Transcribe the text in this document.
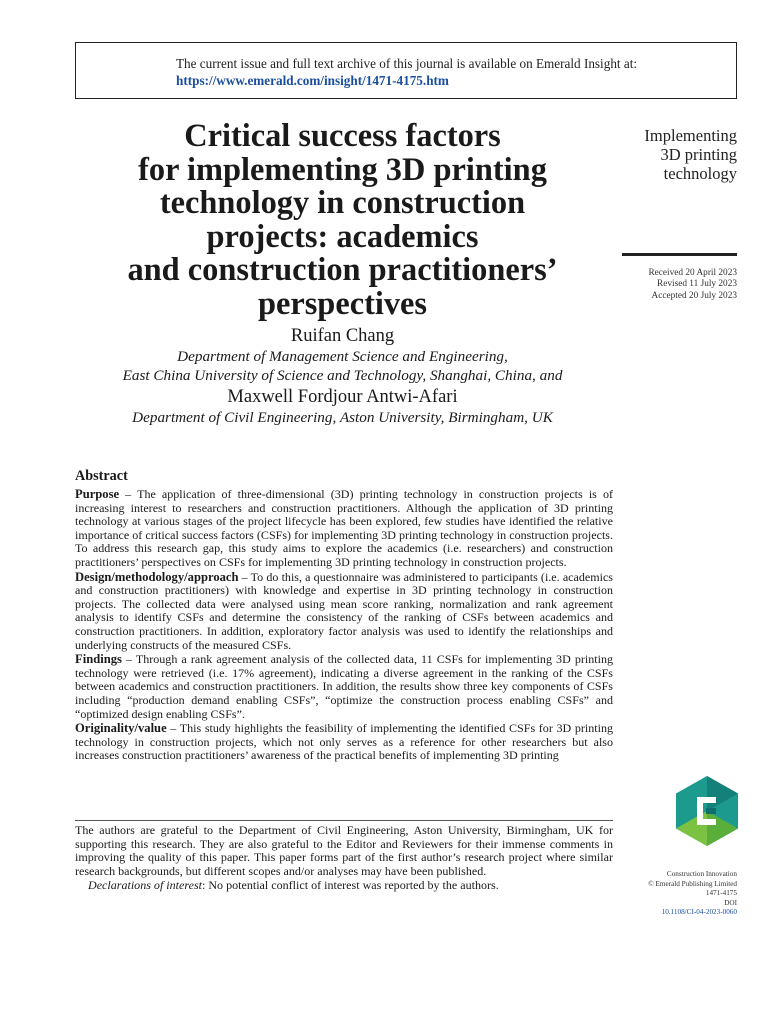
The current issue and full text archive of this journal is available on Emerald Insight at:
https://www.emerald.com/insight/1471-4175.htm
Critical success factors
for implementing 3D printing
technology in construction
projects: academics
and construction practitioners’
perspectives
Implementing
3D printing
technology
Received 20 April 2023
Revised 11 July 2023
Accepted 20 July 2023
Ruifan Chang
Department of Management Science and Engineering,
East China University of Science and Technology, Shanghai, China, and
Maxwell Fordjour Antwi-Afari
Department of Civil Engineering, Aston University, Birmingham, UK
Abstract

Purpose – The application of three-dimensional (3D) printing technology in construction projects is of increasing interest to researchers and construction practitioners. Although the application of 3D printing technology at various stages of the project lifecycle has been explored, few studies have identified the relative importance of critical success factors (CSFs) for implementing 3D printing technology in construction projects. To address this research gap, this study aims to explore the academics (i.e. researchers) and construction practitioners’ perspectives on CSFs for implementing 3D printing technology in construction projects.

Design/methodology/approach – To do this, a questionnaire was administered to participants (i.e. academics and construction practitioners) with knowledge and expertise in 3D printing technology in construction projects. The collected data were analysed using mean score ranking, normalization and rank agreement analysis to identify CSFs and determine the consistency of the ranking of CSFs between academics and construction practitioners. In addition, exploratory factor analysis was used to identify the relationships and underlying constructs of the measured CSFs.

Findings – Through a rank agreement analysis of the collected data, 11 CSFs for implementing 3D printing technology were retrieved (i.e. 17% agreement), indicating a diverse agreement in the ranking of the CSFs between academics and construction practitioners. In addition, the results show three key components of CSFs including “production demand enabling CSFs”, “optimize the construction process enabling CSFs” and “optimized design enabling CSFs”.

Originality/value – This study highlights the feasibility of implementing the identified CSFs for 3D printing technology in construction projects, which not only serves as a reference for other researchers but also increases construction practitioners’ awareness of the practical benefits of implementing 3D printing

The authors are grateful to the Department of Civil Engineering, Aston University, Birmingham, UK for supporting this research. They are also grateful to the Editor and Reviewers for their immense comments in improving the quality of this paper. This paper forms part of the first author’s research project where similar research backgrounds, but different scopes and/or analyses may have been published.

Declarations of interest: No potential conflict of interest was reported by the authors.

Construction Innovation
© Emerald Publishing Limited
1471-4175
DOI
10.1108/CI-04-2023-0060
